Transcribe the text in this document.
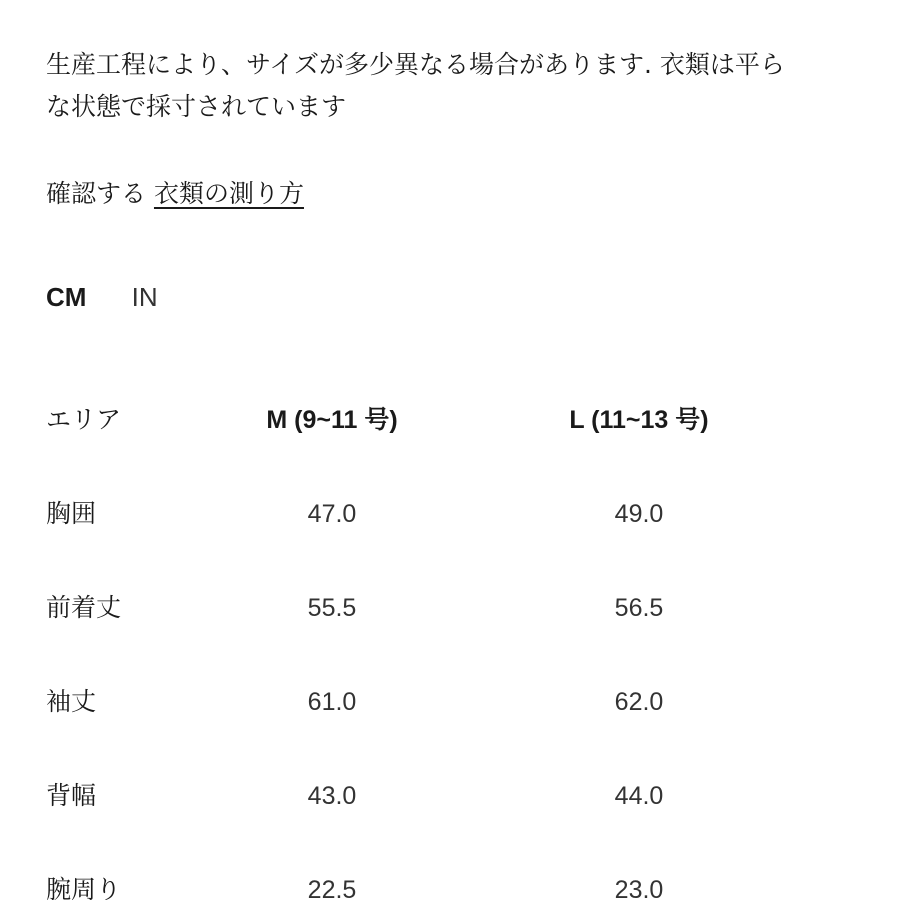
生産工程により、サイズが多少異なる場合があります. 衣類は平ら
な状態で採寸されています

確認する 衣類の測り方
CM IN
エリア	M (9~11 号)	L (11~13 号)
胸囲	47.0	49.0
前着丈	55.5	56.5
袖丈	61.0	62.0
背幅	43.0	44.0
腕周り	22.5	23.0
